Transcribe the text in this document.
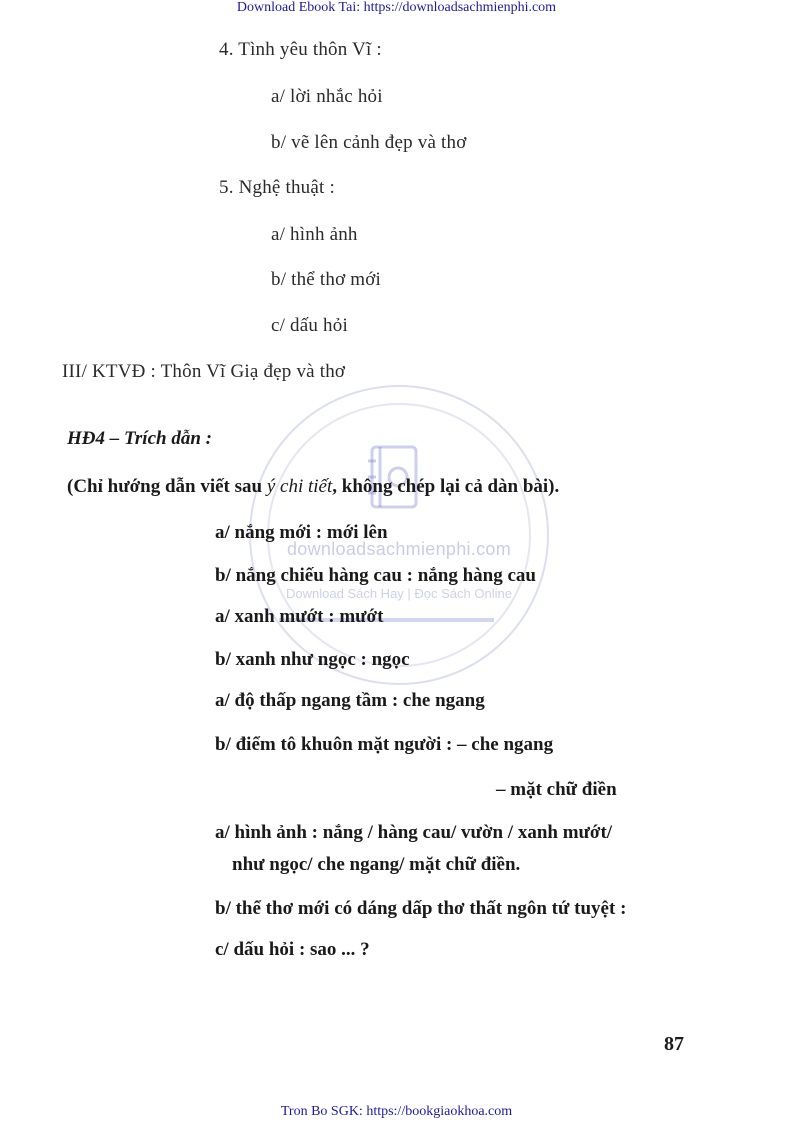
Download Ebook Tai: https://downloadsachmienphi.com
downloadsachmienphi.com
Download Sách Hay | Đọc Sách Online
4. Tình yêu thôn Vĩ :
a/ lời nhắc hỏi
b/ vẽ lên cảnh đẹp và thơ
5. Nghệ thuật :
a/ hình ảnh
b/ thể thơ mới
c/ dấu hỏi
III/ KTVĐ : Thôn Vĩ Giạ đẹp và thơ
HĐ4 – Trích dẫn :
(Chỉ hướng dẫn viết sau ý chi tiết, không chép lại cả dàn bài).
a/ nắng mới : mới lên
b/ nắng chiếu hàng cau : nắng hàng cau
a/ xanh mướt : mướt
b/ xanh như ngọc : ngọc
a/ độ thấp ngang tầm : che ngang
b/ điểm tô khuôn mặt người : – che ngang
– mặt chữ điền
a/ hình ảnh : nắng / hàng cau/ vườn / xanh mướt/
như ngọc/ che ngang/ mặt chữ điền.
b/ thể thơ mới có dáng dấp thơ thất ngôn tứ tuyệt :
c/ dấu hỏi : sao ... ?
87
Tron Bo SGK: https://bookgiaokhoa.com
